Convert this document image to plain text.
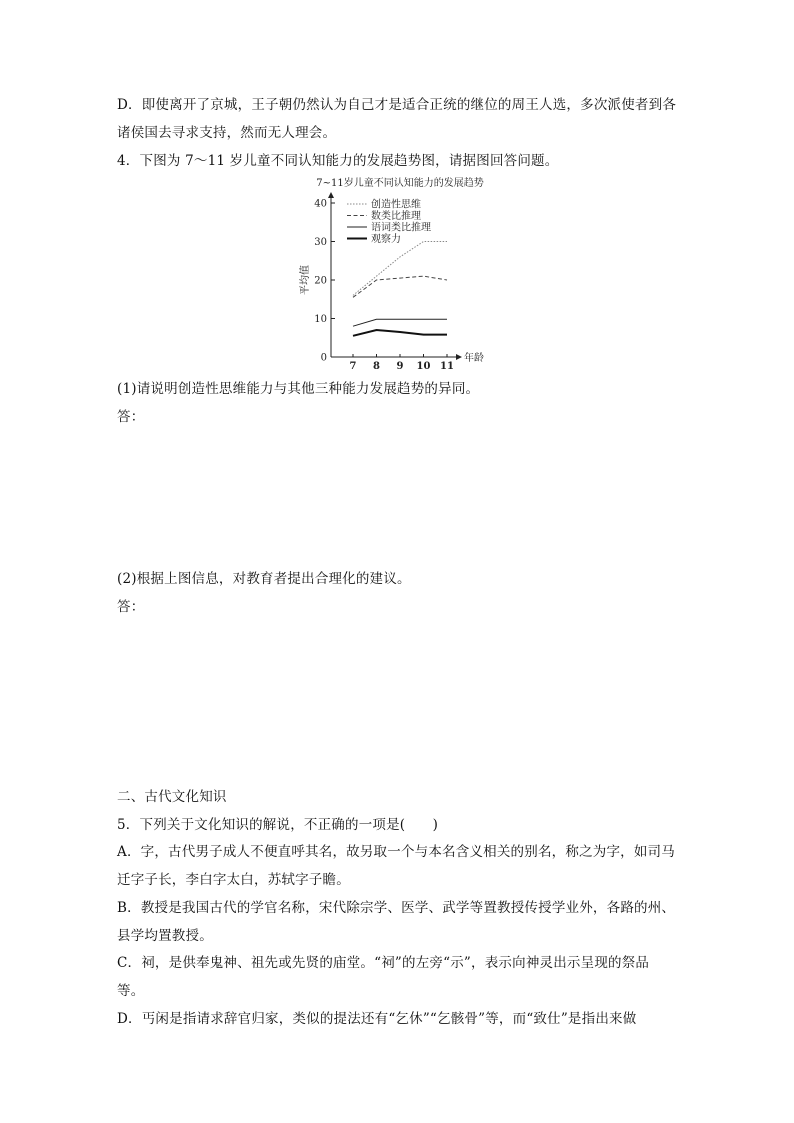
D．即使离开了京城，王子朝仍然认为自己才是适合正统的继位的周王人选，多次派使者到各
诸侯国去寻求支持，然而无人理会。
4．下图为 7～11 岁儿童不同认知能力的发展趋势图，请据图回答问题。
7~11岁儿童不同认知能力的发展趋势
0
10
20
30
40
7 8 9 10 11
年龄
平均值
创造性思维
数类比推理
语词类比推理
观察力
(1)请说明创造性思维能力与其他三种能力发展趋势的异同。
答：
(2)根据上图信息，对教育者提出合理化的建议。
答：
二、古代文化知识
5．下列关于文化知识的解说，不正确的一项是(　　)
A．字，古代男子成人不便直呼其名，故另取一个与本名含义相关的别名，称之为字，如司马
迁字子长，李白字太白，苏轼字子瞻。
B．教授是我国古代的学官名称，宋代除宗学、医学、武学等置教授传授学业外，各路的州、
县学均置教授。
C．祠，是供奉鬼神、祖先或先贤的庙堂。“祠”的左旁“示”，表示向神灵出示呈现的祭品
等。
D．丐闲是指请求辞官归家，类似的提法还有“乞休”“乞骸骨”等，而“致仕”是指出来做
